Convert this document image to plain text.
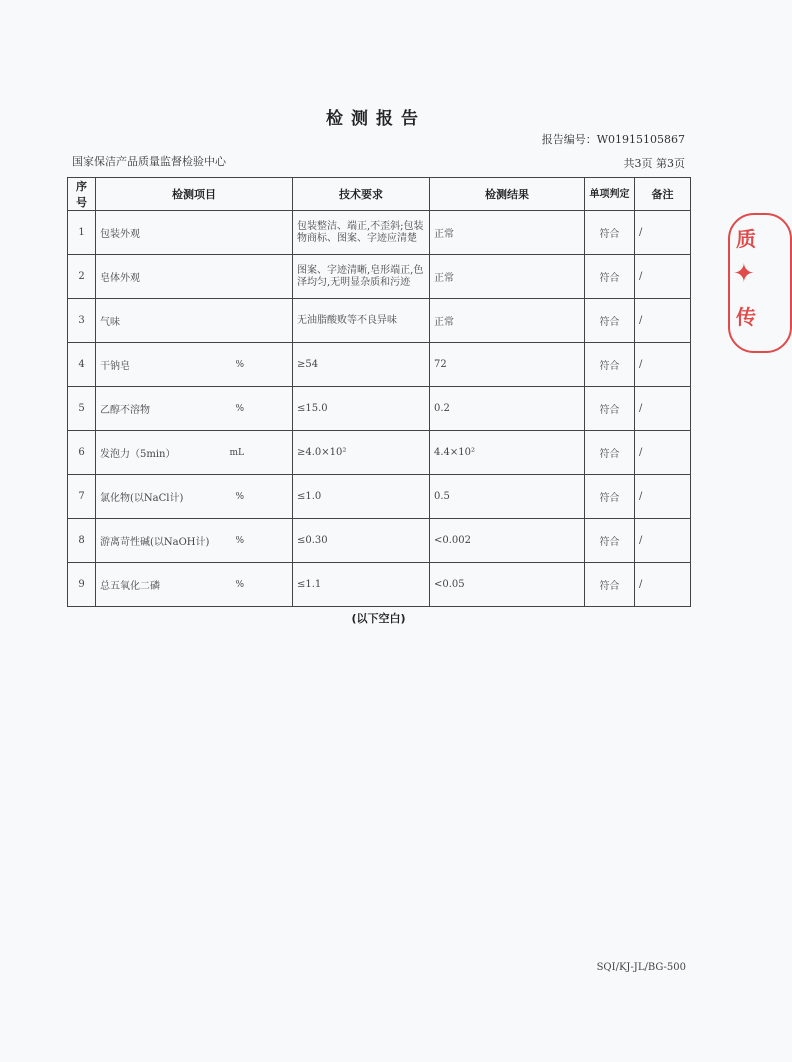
检测报告
报告编号：W01915105867
国家保洁产品质量监督检验中心	共3页 第3页
序号	检测项目	技术要求	检测结果	单项判定	备注
1	包装外观	包装整洁、端正,不歪斜;包装物商标、图案、字迹应清楚	正常	符合	/
2	皂体外观	图案、字迹清晰,皂形端正,色泽均匀,无明显杂质和污迹	正常	符合	/
3	气味	无油脂酸败等不良异味	正常	符合	/
4	干钠皂 %	≥54	72	符合	/
5	乙醇不溶物 %	≤15.0	0.2	符合	/
6	发泡力（5min） mL	≥4.0×10²	4.4×10²	符合	/
7	氯化物(以NaCl计) %	≤1.0	0.5	符合	/
8	游离苛性碱(以NaOH计) %	≤0.30	<0.002	符合	/
9	总五氧化二磷 %	≤1.1	<0.05	符合	/
(以下空白)
SQI/KJ-JL/BG-500
质
✦
传
